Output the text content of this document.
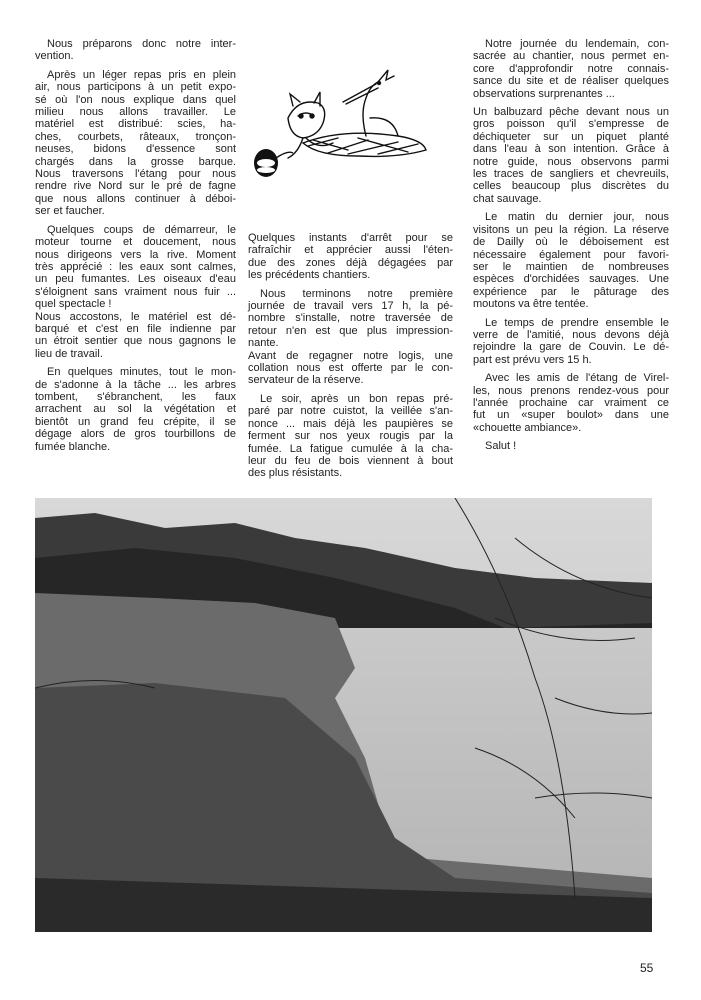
Nous préparons donc notre inter-
vention.
Après un léger repas pris en plein
air, nous participons à un petit expo-
sé où l'on nous explique dans quel
milieu nous allons travailler. Le
matériel est distribué: scies, ha-
ches, courbets, râteaux, tronçon-
neuses, bidons d'essence sont
chargés dans la grosse barque.
Nous traversons l'étang pour nous
rendre rive Nord sur le pré de fagne
que nous allons continuer à déboi-
ser et faucher.
Quelques coups de démarreur, le
moteur tourne et doucement, nous
nous dirigeons vers la rive. Moment
très apprécié : les eaux sont calmes,
un peu fumantes. Les oiseaux d'eau
s'éloignent sans vraiment nous fuir ...
quel spectacle !
Nous accostons, le matériel est dé-
barqué et c'est en file indienne par
un étroit sentier que nous gagnons le
lieu de travail.
En quelques minutes, tout le mon-
de s'adonne à la tâche ... les arbres
tombent, s'ébranchent, les faux
arrachent au sol la végétation et
bientôt un grand feu crépite, il se
dégage alors de gros tourbillons de
fumée blanche.
Quelques instants d'arrêt pour se
rafraîchir et apprécier aussi l'éten-
due des zones déjà dégagées par
les précédents chantiers.
Nous terminons notre première
journée de travail vers 17 h, la pé-
nombre s'installe, notre traversée de
retour n'en est que plus impression-
nante.
Avant de regagner notre logis, une
collation nous est offerte par le con-
servateur de la réserve.
Le soir, après un bon repas pré-
paré par notre cuistot, la veillée s'an-
nonce ... mais déjà les paupières se
ferment sur nos yeux rougis par la
fumée. La fatigue cumulée à la cha-
leur du feu de bois viennent à bout
des plus résistants.
Notre journée du lendemain, con-
sacrée au chantier, nous permet en-
core d'approfondir notre connais-
sance du site et de réaliser quelques
observations surprenantes ...
Un balbuzard pêche devant nous un
gros poisson qu'il s'empresse de
déchiqueter sur un piquet planté
dans l'eau à son intention. Grâce à
notre guide, nous observons parmi
les traces de sangliers et chevreuils,
celles beaucoup plus discrètes du
chat sauvage.
Le matin du dernier jour, nous
visitons un peu la région. La réserve
de Dailly où le déboisement est
nécessaire également pour favori-
ser le maintien de nombreuses
espèces d'orchidées sauvages. Une
expérience par le pâturage des
moutons va être tentée.
Le temps de prendre ensemble le
verre de l'amitié, nous devons déjà
rejoindre la gare de Couvin. Le dé-
part est prévu vers 15 h.
Avec les amis de l'étang de Virel-
les, nous prenons rendez-vous pour
l'année prochaine car vraiment ce
fut un «super boulot» dans une
«chouette ambiance».
Salut !
55
